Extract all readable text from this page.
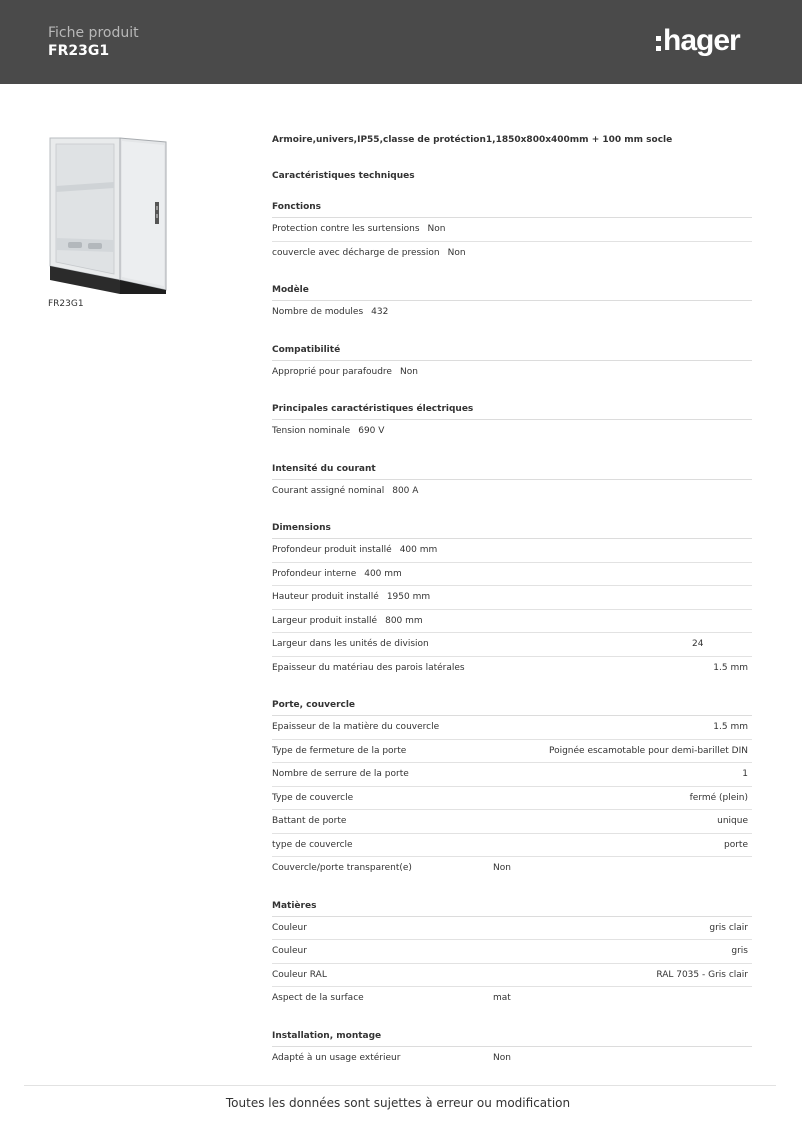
Fiche produit
FR23G1	hager
FR23G1
Armoire,univers,IP55,classe de protéction1,1850x800x400mm + 100 mm socle
Caractéristiques techniques
Fonctions
Protection contre les surtensions Non
couvercle avec décharge de pression Non
Modèle
Nombre de modules 432
Compatibilité
Approprié pour parafoudre Non
Principales caractéristiques électriques
Tension nominale 690 V
Intensité du courant
Courant assigné nominal 800 A
Dimensions
Profondeur produit installé 400 mm
Profondeur interne 400 mm
Hauteur produit installé 1950 mm
Largeur produit installé 800 mm
Largeur dans les unités de division	24
Epaisseur du matériau des parois latérales	1.5 mm
Porte, couvercle
Epaisseur de la matière du couvercle	1.5 mm
Type de fermeture de la porte	Poignée escamotable pour demi-barillet DIN
Nombre de serrure de la porte	1
Type de couvercle	fermé (plein)
Battant de porte	unique
type de couvercle	porte
Couvercle/porte transparent(e)	Non
Matières
Couleur	gris clair
Couleur	gris
Couleur RAL	RAL 7035 - Gris clair
Aspect de la surface	mat
Installation, montage
Adapté à un usage extérieur	Non
Toutes les données sont sujettes à erreur ou modification
